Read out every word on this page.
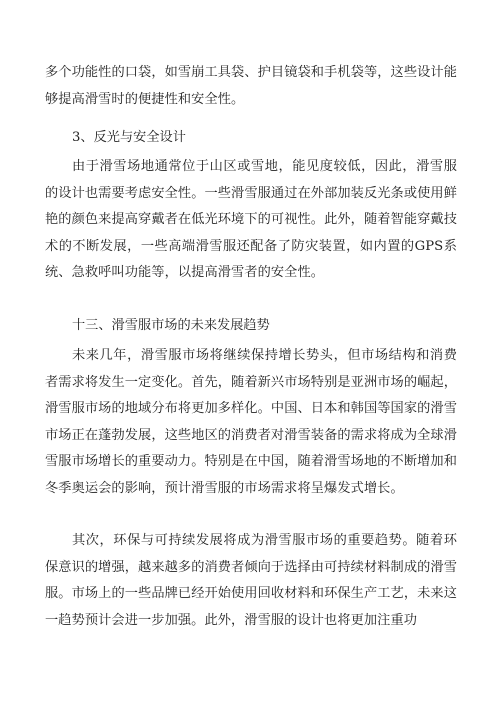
多个功能性的口袋，如雪崩工具袋、护目镜袋和手机袋等，这些设计能够提高滑雪时的便捷性和安全性。
3、反光与安全设计
由于滑雪场地通常位于山区或雪地，能见度较低，因此，滑雪服的设计也需要考虑安全性。一些滑雪服通过在外部加装反光条或使用鲜艳的颜色来提高穿戴者在低光环境下的可视性。此外，随着智能穿戴技术的不断发展，一些高端滑雪服还配备了防灾装置，如内置的GPS系统、急救呼叫功能等，以提高滑雪者的安全性。
十三、滑雪服市场的未来发展趋势
未来几年，滑雪服市场将继续保持增长势头，但市场结构和消费者需求将发生一定变化。首先，随着新兴市场特别是亚洲市场的崛起，滑雪服市场的地域分布将更加多样化。中国、日本和韩国等国家的滑雪市场正在蓬勃发展，这些地区的消费者对滑雪装备的需求将成为全球滑雪服市场增长的重要动力。特别是在中国，随着滑雪场地的不断增加和冬季奥运会的影响，预计滑雪服的市场需求将呈爆发式增长。
其次，环保与可持续发展将成为滑雪服市场的重要趋势。随着环保意识的增强，越来越多的消费者倾向于选择由可持续材料制成的滑雪服。市场上的一些品牌已经开始使用回收材料和环保生产工艺，未来这一趋势预计会进一步加强。此外，滑雪服的设计也将更加注重功
